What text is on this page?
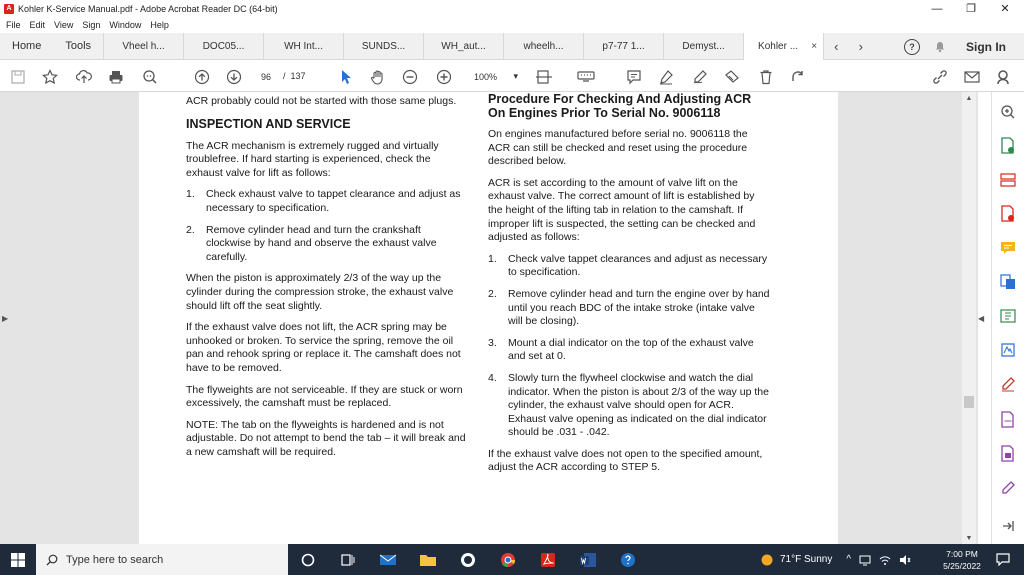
A Kohler K-Service Manual.pdf - Adobe Acrobat Reader DC (64-bit)	—	❐	✕
File Edit View Sign Window Help
Home	Tools	Vheel h...	DOC05...	WH Int...	SUNDS...	WH_aut...	wheelh...	p7-77 1...	Demyst...	Kohler ... × ‹ ›	?	Sign In
96
/ 137	100% ▾
▶	◀
ACR probably could not be started with those same plugs.
INSPECTION AND SERVICE
The ACR mechanism is extremely rugged and virtually troublefree. If hard starting is experienced, check the exhaust valve for lift as follows:
1.	Check exhaust valve to tappet clearance and adjust as necessary to specification.
2.	Remove cylinder head and turn the crankshaft clockwise by hand and observe the exhaust valve carefully.
When the piston is approximately 2/3 of the way up the cylinder during the compression stroke, the exhaust valve should lift off the seat slightly.
If the exhaust valve does not lift, the ACR spring may be unhooked or broken. To service the spring, remove the oil pan and rehook spring or replace it. The camshaft does not have to be removed.
The flyweights are not serviceable. If they are stuck or worn excessively, the camshaft must be replaced.
NOTE: The tab on the flyweights is hardened and is not adjustable. Do not attempt to bend the tab – it will break and a new camshaft will be required.
Procedure For Checking And Adjusting ACR On Engines Prior To Serial No. 9006118
On engines manufactured before serial no. 9006118 the ACR can still be checked and reset using the procedure described below.
ACR is set according to the amount of valve lift on the exhaust valve. The correct amount of lift is established by the height of the lifting tab in relation to the camshaft. If improper lift is suspected, the setting can be checked and adjusted as follows:
1.	Check valve tappet clearances and adjust as necessary to specification.
2.	Remove cylinder head and turn the engine over by hand until you reach BDC of the intake stroke (intake valve will be closing).
3.	Mount a dial indicator on the top of the exhaust valve and set at 0.
4.	Slowly turn the flywheel clockwise and watch the dial indicator. When the piston is about 2/3 of the way up the cylinder, the exhaust valve should open for ACR. Exhaust valve opening as indicated on the dial indicator should be .031 - .042.
If the exhaust valve does not open to the specified amount, adjust the ACR according to STEP 5.
▲
▼
Type here to search	71°F Sunny ^	7:00 PM
5/25/2022
